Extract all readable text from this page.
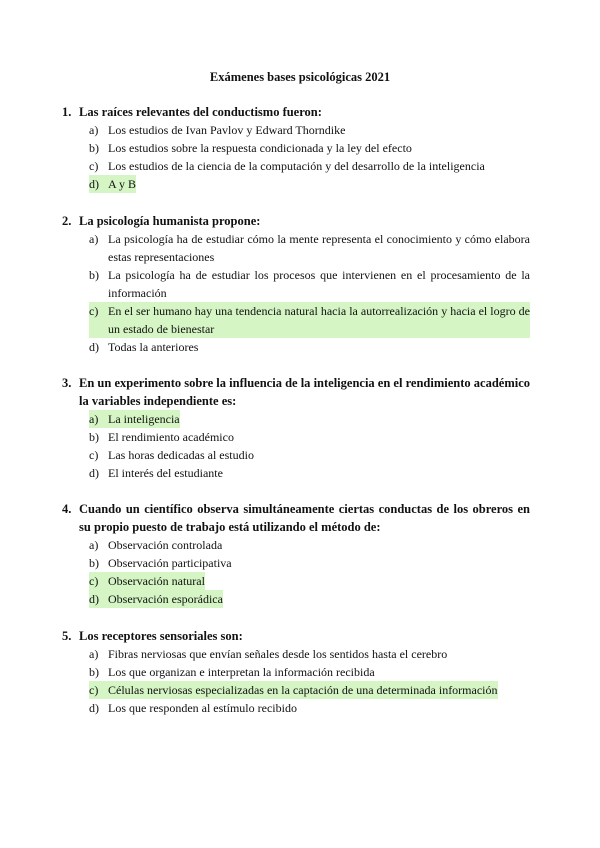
Exámenes bases psicológicas 2021
1. Las raíces relevantes del conductismo fueron:
a) Los estudios de Ivan Pavlov y Edward Thorndike
b) Los estudios sobre la respuesta condicionada y la ley del efecto
c) Los estudios de la ciencia de la computación y del desarrollo de la inteligencia
d) A y B
2. La psicología humanista propone:
a) La psicología ha de estudiar cómo la mente representa el conocimiento y cómo elabora estas representaciones
b) La psicología ha de estudiar los procesos que intervienen en el procesamiento de la información
c) En el ser humano hay una tendencia natural hacia la autorrealización y hacia el logro de un estado de bienestar
d) Todas la anteriores
3. En un experimento sobre la influencia de la inteligencia en el rendimiento académico la variables independiente es:
a) La inteligencia
b) El rendimiento académico
c) Las horas dedicadas al estudio
d) El interés del estudiante
4. Cuando un científico observa simultáneamente ciertas conductas de los obreros en su propio puesto de trabajo está utilizando el método de:
a) Observación controlada
b) Observación participativa
c) Observación natural
d) Observación esporádica
5. Los receptores sensoriales son:
a) Fibras nerviosas que envían señales desde los sentidos hasta el cerebro
b) Los que organizan e interpretan la información recibida
c) Células nerviosas especializadas en la captación de una determinada información
d) Los que responden al estímulo recibido
